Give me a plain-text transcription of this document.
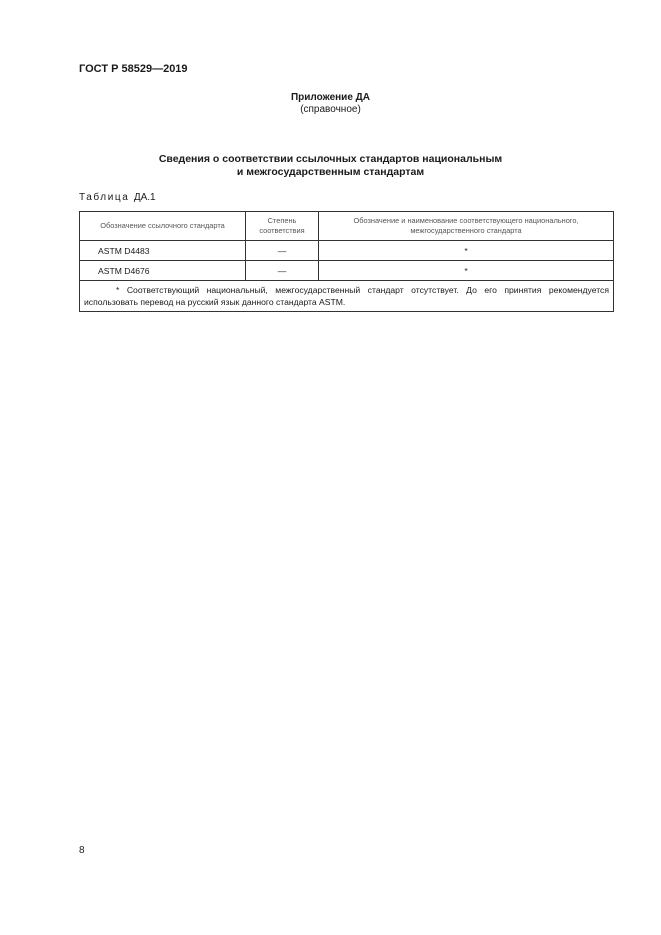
ГОСТ Р 58529—2019
Приложение ДА
(справочное)
Сведения о соответствии ссылочных стандартов национальным
и межгосударственным стандартам
Таблица ДА.1
Обозначение ссылочного стандарта	Степень соответствия	Обозначение и наименование соответствующего национального, межгосударственного стандарта
ASTM D4483	—	*
ASTM D4676	—	*
* Соответствующий национальный, межгосударственный стандарт отсутствует. До его принятия рекомендуется использовать перевод на русский язык данного стандарта ASTM.		
8
